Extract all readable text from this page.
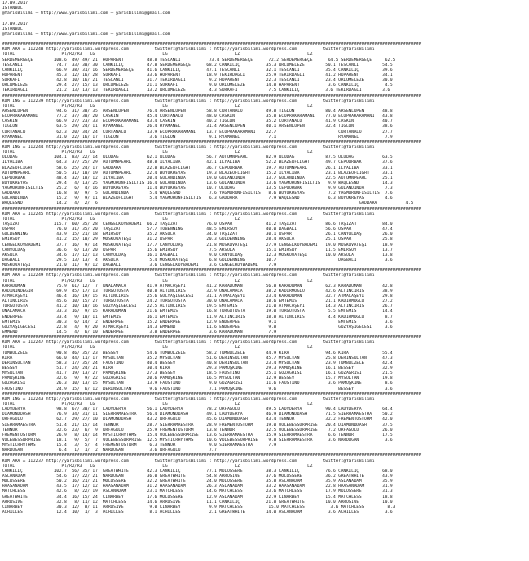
17.09.2017
ISTANBUL
@YarisBilimi — http://www.yarisbilimi.com — yarisbilimi@gmail.com

17.09.2017
ISTANBUL
@YarisBilimi — http://www.yarisbilimi.com — yarisbilimi@gmail.com

##################################################################################################################################################################
KUM ARA = 112248 http://yarisbilimi.wordpress.com          twitter:@YarisBilimi : http://yarisbilimi.wordpress.com          twitter:@YarisBilimi
TOTAL                  Pl/R2/R3   LG                          LG                          LZ                          LZ
SERDEMERGEÇE        108.6  49/ 49/ 21  HOPARENT         48.8 TESCANLI           73.4 SERDEMERGEÇE      72.2 SERDEMERGEÇE      64.5 SERDEMERGEÇE     62.5
TESCANLI             74.7  33/ 30/ 30  CANKILIÇ         47.8 SERDEMERGEÇE      68.2 CANKILIÇ          35.3 ÖRLÜMELEZE        50.1 TESCANLI         54.5
CANKILIÇ             66.9  38/ 31/ 16  SERDEMERGEÇE     41.6 CANKILIÇ          47.1 TESCANLI          32.1 TESCANLI          35.4 CANKILIÇ         39.6
HOPARENT             45.3  12/ 16/ 28  SURKAFI          33.6 HOPARENT          18.9 TEKIRDAĞLI        25.9 TEKIRDAĞLI        41.2 HOPARENT         34.1
SURKAFI              42.8  10/ 16/ 21  TESCANLI         31.7 TEKIRDAĞLI         9.2 HOPARENT          22.3 TESCANLI          23.4 ÖRLÜMELEZE       30.0
ÖRLÜMELEZE           29.4  27/ 15/ 13  ÖRLÜMELEZE       21.1 SURKAFI            9.0 ÖRLÜMELEZE        14.8 HAPARENT           3.6 CANKILIÇ          4.5
TEKIRDAĞLI           21.2  13/ 13/ 13  TEKIRDAĞLI       13.2 ÖRLÜMELEZE         4.3 SURKAFI            7.5 CANKILIÇ          3.6 TEKIRDAĞLI        3.6
##################################################################################################################################################################
KUM ING = 112239 http://yarisbilimi.wordpress.com          twitter:@YarisBilimi : http://yarisbilimi.wordpress.com          twitter:@YarisBilimi
TOTAL                  Pl/R2/R3   LG                          LG                          LZ                          LZ
ARSENLUPEN           94.6  31/ 30/ 35  ARSENLUPEN       76.4 ARSENLUPEN        58.8 CURTANALO         49.8 TIGLON            80.4 ARSENLUPEN       48.8
ECOPRAKARAMANI       77.2  37/ 30/ 20  CASKIN           45.4 CURTANALO         48.0 CASKIN            35.8 ECOPRAKARAMANI    77.0 ECOPRAKARAMANI   43.8
CASKIN               66.9  27/ 23/ 33  ECOPRAKARAMANI   43.4 CASKIN            40.2 TIGLON            35.2 CURTANALO         41.9 CASKIN           40.7
TIGLON               63.5  29/ 24/ 11  RYAMANEL         26.4 RYAMANEL          31.4 ARSENLUPEN        40.1 ARSENLUPEN        32.4 TIGLON           38.6
CURTANALO            62.3  20/ 34/ 24  CURTANALO        13.9 ECOPRAKARAMANI    13.7 ECOPRAKARAMANI    22.7                        CURTANALO        27.7
RYAMANEL             31.0  22/ 16/ 17  TIGLON            3.6 TIGLON             9.1 RYAMANEL           7.1                        RYAMANEL          7.9
##################################################################################################################################################################
KUM ING = 112244 http://yarisbilimi.wordpress.com          twitter:@YarisBilimi : http://yarisbilimi.wordpress.com          twitter:@YarisBilimi
TOTAL                  Pl/R2/R3   LG                          LG                          LZ                          LZ
ULUDAĞ              104.1  83/ 22/ 14  ULUDAĞ           62.1 ULUDAĞ            56.7 AUTUMNPEARL       82.9 ULUDAĞ            87.5 ULUDAĞ           63.5
ILYALIBA             64.3  37/ 25/ 29  AUTUMNPEARL      48.8 ILYALIBA          42.1 ILYALIBA          52.2 BLAZEOFLIGHT      49.7 CEPUORBAK        37.6
BLAZEOFLIGHT         58.6  25/ 24/ 17  GADDARA          22.8 BLAZEOFLIGHT      36.7 CEPUORBAK         19.7 AUTUMNPEARL       26.1 ILYALIBA         33.1
AUTUMNPEARL          50.5  31/ 10/ 19  AUTUMNPEARL      22.4 BÜYÜKREYAS        19.3 BLAZEOFLIGHT      15.2 ILYALIBA          23.1 BLAZEOFLIGHT     33.1
CEPUORBAK            48.4  32/ 18/ 12  ILYALIBA         20.4 GÜLANDINDA        19.0 GULANDINDA        13.7 GÜLANDINDA        22.5 AUTUMNPEARL      25.1
BÜYÜKREYAS           29.4   4/ 13/ 25  YAĞMURUNFISILTIS 16.4 GÜLANDINDA        13.6 GÜLANDINDA        13.6 YAĞMURUNFISILTIS   9.9 WAQLESND         14.3
YAĞMURUNFISILTIS     25.2   6/  4/ 16  BÜYÜKREYAS       11.4 BÜYÜKREYAS        10.7 ULUDAĞ            13.5 CEPUORBAK          9.9 GULANDINDA        7.3
GADDARA              16.8   8/  9/  5  GÜLANDINDA        5.4 WAQLESND           7.6 YAĞMURUNFISILTIS   8.6 BÜYÜKREYAS         7.2 YAĞMURUNFISILTIS  7.6
GÜLANDINDA           15.2   9/  9/ 11  BLAZEOFLIGHT      5.4 YAĞMURUNFISILTIS   6.3 GADDARA            7.9 WAQLESND           6.3 BÜYÜKREYAS        4.6
WAQLESND             14.2   4/  2/  6                                                                                                     GADDARA           4.5
##################################################################################################################################################################
KUM ARA = 112245 http://yarisbilimi.wordpress.com          twitter:@YarisBilimi : http://yarisbilimi.wordpress.com          twitter:@YarisBilimi
TOTAL                  Pl/R2/R3   LG                          LG                          LZ                          LZ
TAŞIZAT             115.7  60/ 35/ 28  CENGELKÖYBADEMI  66.2 TAŞIZAT           76.0 OSPAR             41.2 TAŞIZAT           86.6 TAŞIZAT          84.0
OSPAR                76.0  31/ 35/ 20  TAŞIZAT          57.7 TOBENNING         48.5 EMIRSOY           40.0 DAGBALI           56.6 OSPAR            47.4
GÜLDENNING           43.9  15/ 21/ 18  EMIRSOY          35.2 AKSULA            34.0 TAŞIZAT           30.1 OSPAR             26.1 CANYOLDAŞ        26.0
EMIRSOY              41.2  15/ 10/ 29  MOSKOVATEŞI      31.2 OSPAR             20.3 GÜLDENNING        28.4 AKSULA            25.1 OSPAR            25.8
CENGELKÖYBADEMI      37.7  16/  9/ 14  MOSKOVATEŞI      17.7 CANYOLDAŞ         21.8 MOSKOVATEŞI       27.9 CENGELKÖYBADEMI   19.0 MOSKOVATEŞI      18.9
CANYOLDAŞ            36.6   6/ 13/ 20  OSPAR            15.6 EMIRSOY            7.5 AKSULA            15.1 EMIRSOY           11.5 EMIRSOY          13.7
AKSULA               34.6  17/ 12/ 13  CANYOLDAŞ        16.1 DAGBALI            9.0 CANYOLDAŞ         12.3 MOSKOVATEŞI       10.0 AKSULA           13.8
DAGBALI              29.5  13/ 13/  4  AKSULA            5.4 MOSKOVATEŞI        6.8 GOLDENNING        10.7                        DAGBALI           3.6
MOSKOVATEŞI          21.0  11/  9/ 12  DAGBALI           3.6 CENGELKÖYBADEMI    3.6 CENGELKÖYBADEMI    7.9
##################################################################################################################################################################
KUM ARA = 112249 http://yarisbilimi.wordpress.com          twitter:@YarisBilimi : http://yarisbilimi.wordpress.com          twitter:@YarisBilimi
TOTAL                  Pl/R2/R3   LG                          LG                          LZ                          LZ
KARADUMAN            75.9  61/ 12/  7  ÜNALAMACA        41.9 ATMACAŞEYI        41.2 KARADUMAN         56.8 KARADUMAN         62.3 KARADUMAN        42.8
KADININDEĞIR         69.9  45/ 17/ 13  TURGUTOSTA       40.8 ALTINCIRIS        32.9 ÜNALAMACA         38.2 KADIRMOĞLU        42.6 ALTINCIRIS       38.9
ATMACAŞEYI           46.4  16/ 19/ 15  ALTINCIRIS       25.6 GÜLYAŞIĞECESI     31.1 ATMACAŞEYI        23.4 KARADUMAN         32.7 ATMACAŞEYI       29.8
ALTINCIRIS           45.6  10/ 15/ 27  TURGUTOSTA       24.2 TURGUTOSTA        30.0 ÜNALAMACA         18.6 EMTEMIS           21.1 KADIRMOĞLU       27.2
TURGUTOSTA           41.2  10/ 10/ 16  GÖZYAŞIĞECESI    22.5 ALTINCIRIS        19.5 EMTEMIS           21.0 ATMACAŞEYI        14.3 ALTINCIRIS       26.7
ÜNALAMACA            33.3  16/  9/ 15  KARADUMAN        21.6 EMTEMIS           16.8 TURGUTOSTA        19.0 TURGUTOSTA         5.5 EMTEMIS          14.4
ENDERPEE             33.4   9/ 10/ 11  EMTEMIS          16.1 EMTEMIS           11.9 ALTINCIRIS        18.8 ALTINCIRIS         4.4 KADIRMOĞLU        8.7
EMTEMIS              30.3   6/ 14/  2  ENDERPEE         15.2 ENDERPEE          12.9 ENDERPEE           9.1                        EMTEMIS           3.6
GOZYAŞIGECESI        22.8   4/  9/ 20  ATMACAŞEYI       14.3 EMMEND            11.6 ENDERPEE           9.8                        GÖZYAŞIGECESI     3.6
EMMEND               14.5   4/  6/ 10  ENDERPEE          3.8 ENDERPEE           3.6 KARADUMAN          7.9
##################################################################################################################################################################
KUM ARA = 112247 http://yarisbilimi.wordpress.com          twitter:@YarisBilimi : http://yarisbilimi.wordpress.com          twitter:@YarisBilimi
TOTAL                  Pl/R2/R3   LG                          LG                          LZ                          LZ
TUMBULZELE           90.8  46/ 35/ 23  BESSEY           54.6 TUMBULZELE        58.2 TUMBULZELE        44.9 KIRA              94.6 KIRA             55.4
KIRA                 66.0  44/ 11/ 17  MYSULTAN         35.2 MYSULTAN          51.6 DERINSULTAN       45.7 MYSULTAN          25.8 DERINSULTAN      47.3
DERINSULTAN          58.3  17/ 35/ 24  FAUSTINO         40.4 BESSEY            40.8 DERINSULTAN       23.4 MYSULTAN          23.9 TUMBULZELE       42.4
BESSEY               51.7  24/ 24/ 21  KIRA             30.4 KIRA              29.3 PAMUŞKINE         29.3 PAMUŞKINE         16.1 BESSEY           32.9
MYSULTAN             41.7  19/ 13/ 27  PAMUŞKINE        27.3 BESSEY            18.5 FAUSTINO          25.1 GOZAĞRISI         16.1 GOZAĞRISI        21.5
PAMUŞKINE            32.6   9/  9/ 22  GOZAĞRISI        20.6 PAMUŞKINE         16.5 MYSULTAN          12.9 BESSEY            15.7 MYSULTAN         19.8
GOZAĞRISI            26.3  10/ 13/ 15  MYSULTAN         13.9 FAUSTINO           9.0 GOZAĞRISI         11.6 FAUSTINO           3.6 PAMUŞKINE         8.6
FAUSTINO             24.9  15/  6/ 12  DERINSULTAN       9.6 FAUSTINO           7.1 PAMUŞKINE          9.6                        BESSEY            3.6
##################################################################################################################################################################
KUM ING = 112243 http://yarisbilimi.wordpress.com          twitter:@YarisBilimi : http://yarisbilimi.wordpress.com          twitter:@YarisBilimi
TOTAL                  Pl/R2/R3   LG                          LG                          LZ                          LZ
LADYDERYA            98.8  67/ 30/ 17  LADYDERYA        56.1 LADYDERYA         78.2 URFAGULU          49.5 LADYDERYA         90.4 LADYDERYA        64.4
DIAMONDDASH          76.9  34/ 31/ 11  SIERRAMAESTRA    56.4 DIAMONDDASH       49.1 LADYDERYA         46.9 DIAMONDDASH       71.5 SIERRAMAESTRA    50.2
URFAGULU             62.7  29/ 27/ 10  DIAMONDDASH      43.2 URFAGULU          45.6 DIAMONDDASH       43.4 TENNUR            32.2 FREMENTOSTORM    42.0
SIERRAMAESTRA        51.4  21/ 15/ 14  TENNUR           28.7 SIERRAMAESTRA     28.9 FREMENTOSTORM     19.0 VOLEBESSURPRISE   20.4 DIAMONDDASH      37.5
TENNUR               32.6  23/  6/  9  URFAGULU         25.9 FREMENTOSTORM     13.8 TENNUR            32.5 VOLEBESSURPRISE    7.2 URFAGULU         26.0
FREMENTOSTORM        26.9   8/ 14/ 14  MYSTICRHYTHMS    15.4 VOLEBESSURPRISE   13.6 SIERRAMAESTRA     15.9 SIERRAMAESTRA      6.6 TENNUR           17.5
VOLEBESSURPRISE      18.1   9/  5/  7  VOLEBESSURPRISE  12.5 MYSTICRHYTHMS     10.6 VOLEBESSURPRISE    9.8 SIERRAMAESTRA      3.6 NARDUGAN          3.6
MYSTICRHYTHMS        15.4   3/  5/  4  FREMENTOSTORM     6.3 TENNUR             9.0 SIERRAMAESTRA      7.9
NARDUGAN              6.4   1/  1/  2  NARDUGAN          3.6 URFAGULU           7.7
##################################################################################################################################################################
KUM ARA = 112237 http://yarisbilimi.wordpress.com          twitter:@YarisBilimi : http://yarisbilimi.wordpress.com          twitter:@YarisBilimi
TOTAL                  Pl/R2/R3   LG                          LG                          LZ                          LZ
CANKILIÇ            102.7  56/ 35/ 17  GREATWHITE       42.3 CANKILIÇ          77.1 MOLOSSERE         38.3 CANKILIÇ          76.6 CANKILIÇ         68.0
ASLANADAM            54.6  17/ 22/ 21  NARDUGAN         36.0 GREATWHITE        54.8 ARROSIVE          37.6 MOLOSSERE         36.2 GREATWHITE       43.9
MOLOSSERE            50.2  16/ 21/ 21  MOLOSSERE        32.2 GREATWHITE        24.0 MOLOSSERE         35.8 ASLANADAM         35.9 ASLANADAM        35.9
HAASANADAM           43.5  17/ 12/ 12  HAASANADAM       31.2 HAASANADAM        26.3 ASLANADAM         33.2 HAASANADAM        22.8 HAASANADAM       31.9
MATCHLESS            42.6   8/ 22/ 19  ASLANADAM        23.1 MATCHLESS         14.6 MATCHLESS         23.6 MATCHLESS         17.9 MOLOSSERE        31.3
GREATWHITE           34.4  16/ 15/ 24  CINARBEY         17.6 MOLOSSERE         12.9 ASLANADAM         22.9 CINARBEY          15.4 MATCHLESS        18.8
ARROSIVE             32.8   8/ 11/ 12  MATCHLESS        14.6 ARROSIVE          11.1 CANKILIÇ          21.8 GREATWHITE        10.0 ARROSIVE         10.0
CINARBEY             30.3  12/  8/ 11  ARROSIVE          9.0 CINARBEY           9.9 MATCHLESS          15.0 MATCHLESS          3.6 MATCHLESS         8.3
ACHILLES             12.4  10/  1/  3  ACHILLES          8.1 ACHILLES           2.1 GREATWHITE        14.0 ASLANADAM          3.6 ACHILLES          3.6
